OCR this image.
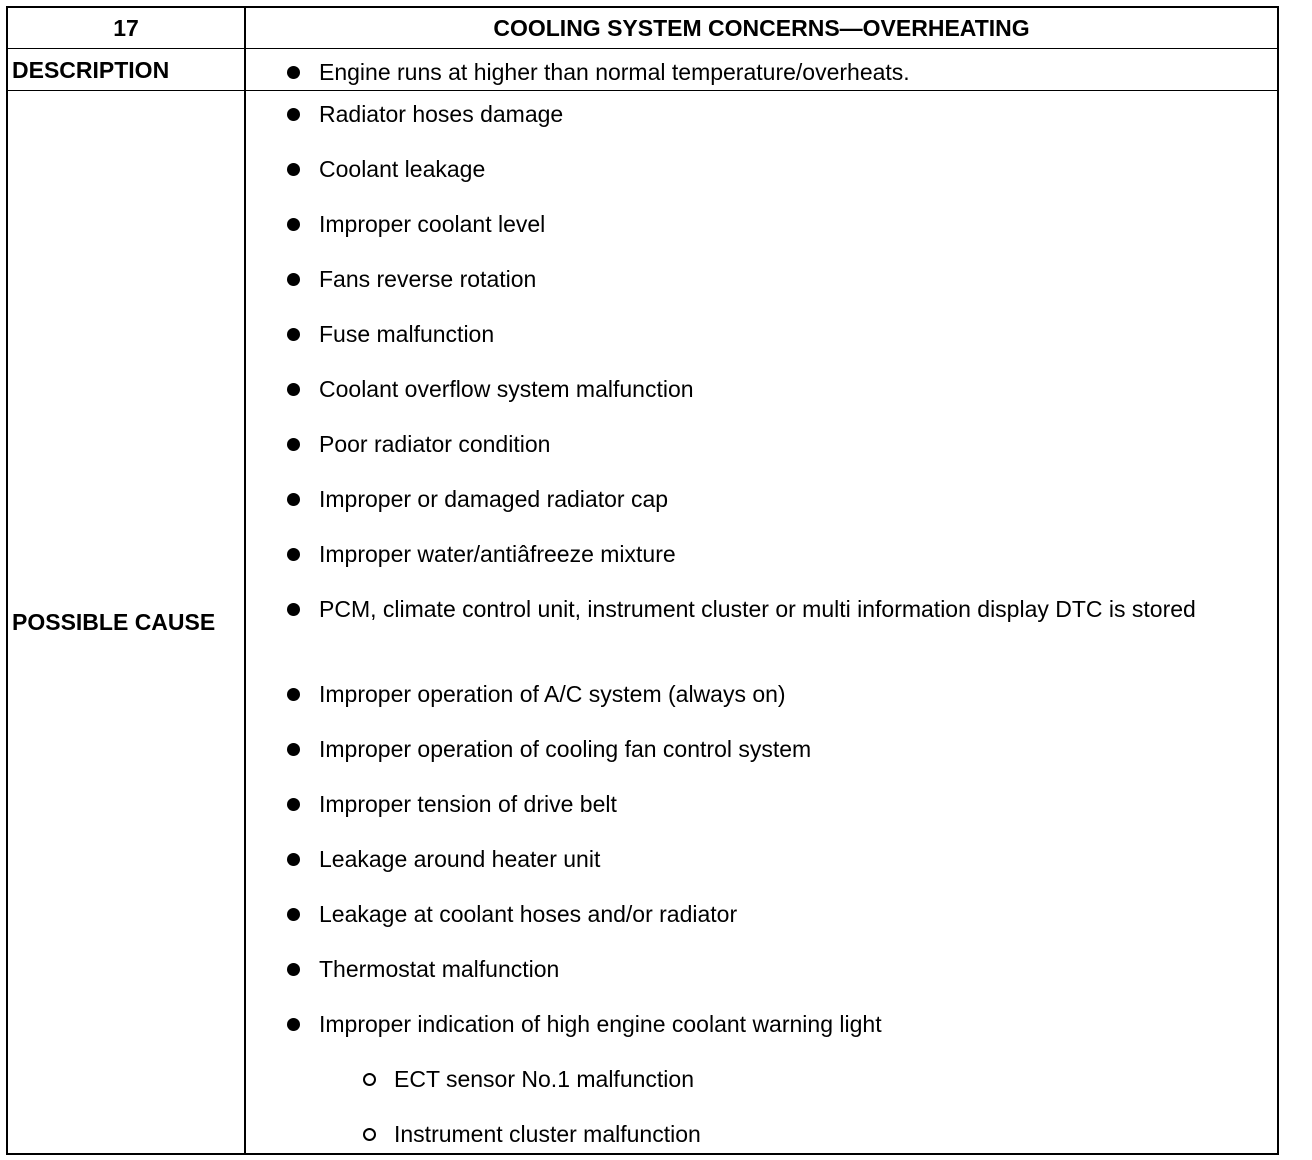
17	COOLING SYSTEM CONCERNS—OVERHEATING
DESCRIPTION	Engine runs at higher than normal temperature/overheats.
POSSIBLE CAUSE
Radiator hoses damage
Coolant leakage
Improper coolant level
Fans reverse rotation
Fuse malfunction
Coolant overflow system malfunction
Poor radiator condition
Improper or damaged radiator cap
Improper water/antiâfreeze mixture
PCM, climate control unit, instrument cluster or multi information display DTC is stored
Improper operation of A/C system (always on)
Improper operation of cooling fan control system
Improper tension of drive belt
Leakage around heater unit
Leakage at coolant hoses and/or radiator
Thermostat malfunction
Improper indication of high engine coolant warning light
ECT sensor No.1 malfunction
Instrument cluster malfunction
